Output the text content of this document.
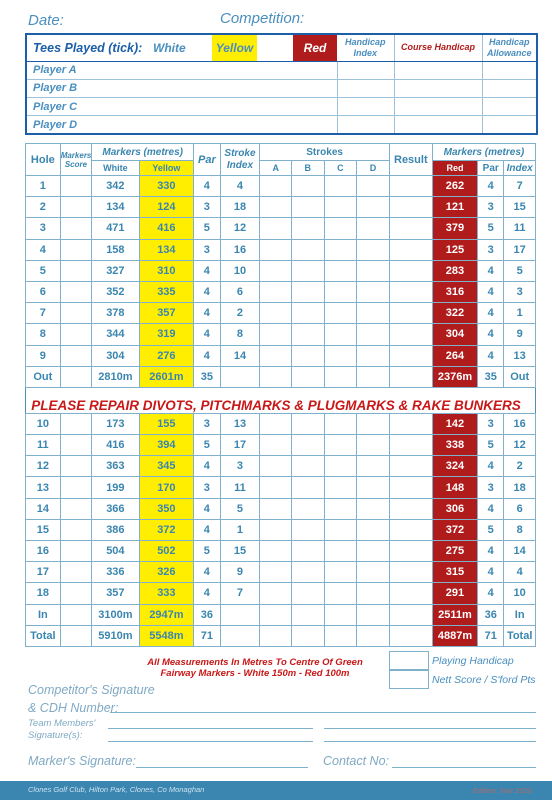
Date:	Competition:
Tees Played (tick):	White	Yellow		Red	Handicap Index	Course Handicap	Handicap Allowance
Player A							
Player B							
Player C							
Player D							
Hole	Markers Score	Markers (metres)		Par	Stroke Index	Strokes				Result	Markers (metres)		
		White	Yellow			A	B	C	D		Red	Par	Index
1		342	330	4	4						262	4	7
2		134	124	3	18						121	3	15
3		471	416	5	12						379	5	11
4		158	134	3	16						125	3	17
5		327	310	4	10						283	4	5
6		352	335	4	6						316	4	3
7		378	357	4	2						322	4	1
8		344	319	4	8						304	4	9
9		304	276	4	14						264	4	13
Out		2810m	2601m	35							2376m	35	Out

10		173	155	3	13						142	3	16
11		416	394	5	17						338	5	12
12		363	345	4	3						324	4	2
13		199	170	3	11						148	3	18
14		366	350	4	5						306	4	6
15		386	372	4	1						372	5	8
16		504	502	5	15						275	4	14
17		336	326	4	9						315	4	4
18		357	333	4	7						291	4	10
In		3100m	2947m	36							2511m	36	In
Total		5910m	5548m	71							4887m	71	Total
PLEASE REPAIR DIVOTS, PITCHMARKS & PLUGMARKS & RAKE BUNKERS
All Measurements In Metres To Centre Of Green
Fairway Markers - White 150m - Red 100m
Playing Handicap
Nett Score / S'ford Pts
Competitor's Signature
& CDH Number:
Team Members'
Signature(s):
Marker's Signature:	Contact No:
Clones Golf Club, Hilton Park, Clones, Co Monaghan	Edition: Nov 2020
